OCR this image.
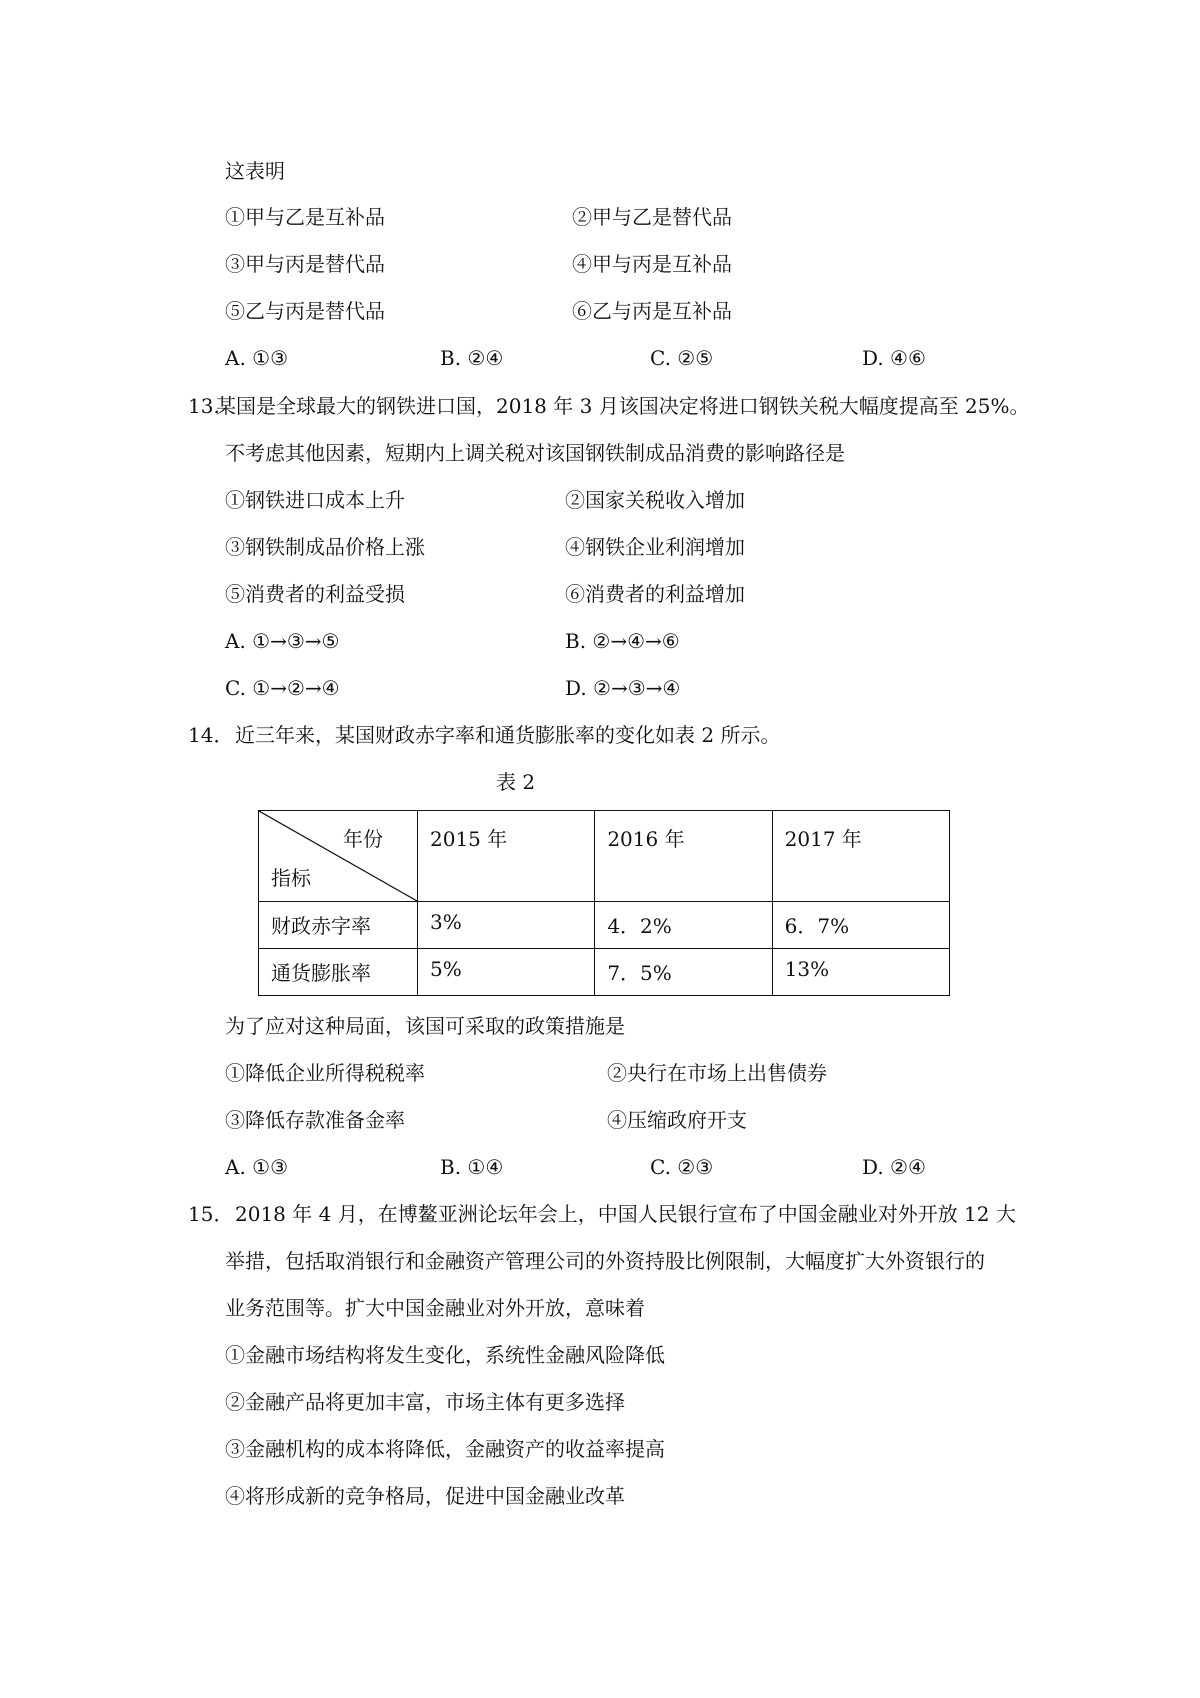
这表明
①甲与乙是互补品	②甲与乙是替代品
③甲与丙是替代品	④甲与丙是互补品
⑤乙与丙是替代品	⑥乙与丙是互补品
A. ①③	B. ②④	C. ②⑤	D. ④⑥
13.
某国是全球最大的钢铁进口国，2018 年 3 月该国决定将进口钢铁关税大幅度提高至 25%。
不考虑其他因素，短期内上调关税对该国钢铁制成品消费的影响路径是
①钢铁进口成本上升	②国家关税收入增加
③钢铁制成品价格上涨	④钢铁企业利润增加
⑤消费者的利益受损	⑥消费者的利益增加
A. ①→③→⑤	B. ②→④→⑥
C. ①→②→④	D. ②→③→④
14． 近三年来，某国财政赤字率和通货膨胀率的变化如表 2 所示。
表 2
年份
指标	2015 年	2016 年	2017 年
财政赤字率	3%	4．2%	6．7%
通货膨胀率	5%	7．5%	13%
为了应对这种局面，该国可采取的政策措施是
①降低企业所得税税率	②央行在市场上出售债券
③降低存款准备金率	④压缩政府开支
A. ①③	B. ①④	C. ②③	D. ②④
15． 2018 年 4 月，在博鳌亚洲论坛年会上，中国人民银行宣布了中国金融业对外开放 12 大
举措，包括取消银行和金融资产管理公司的外资持股比例限制，大幅度扩大外资银行的
业务范围等。扩大中国金融业对外开放，意味着
①金融市场结构将发生变化，系统性金融风险降低
②金融产品将更加丰富，市场主体有更多选择
③金融机构的成本将降低，金融资产的收益率提高
④将形成新的竞争格局，促进中国金融业改革
